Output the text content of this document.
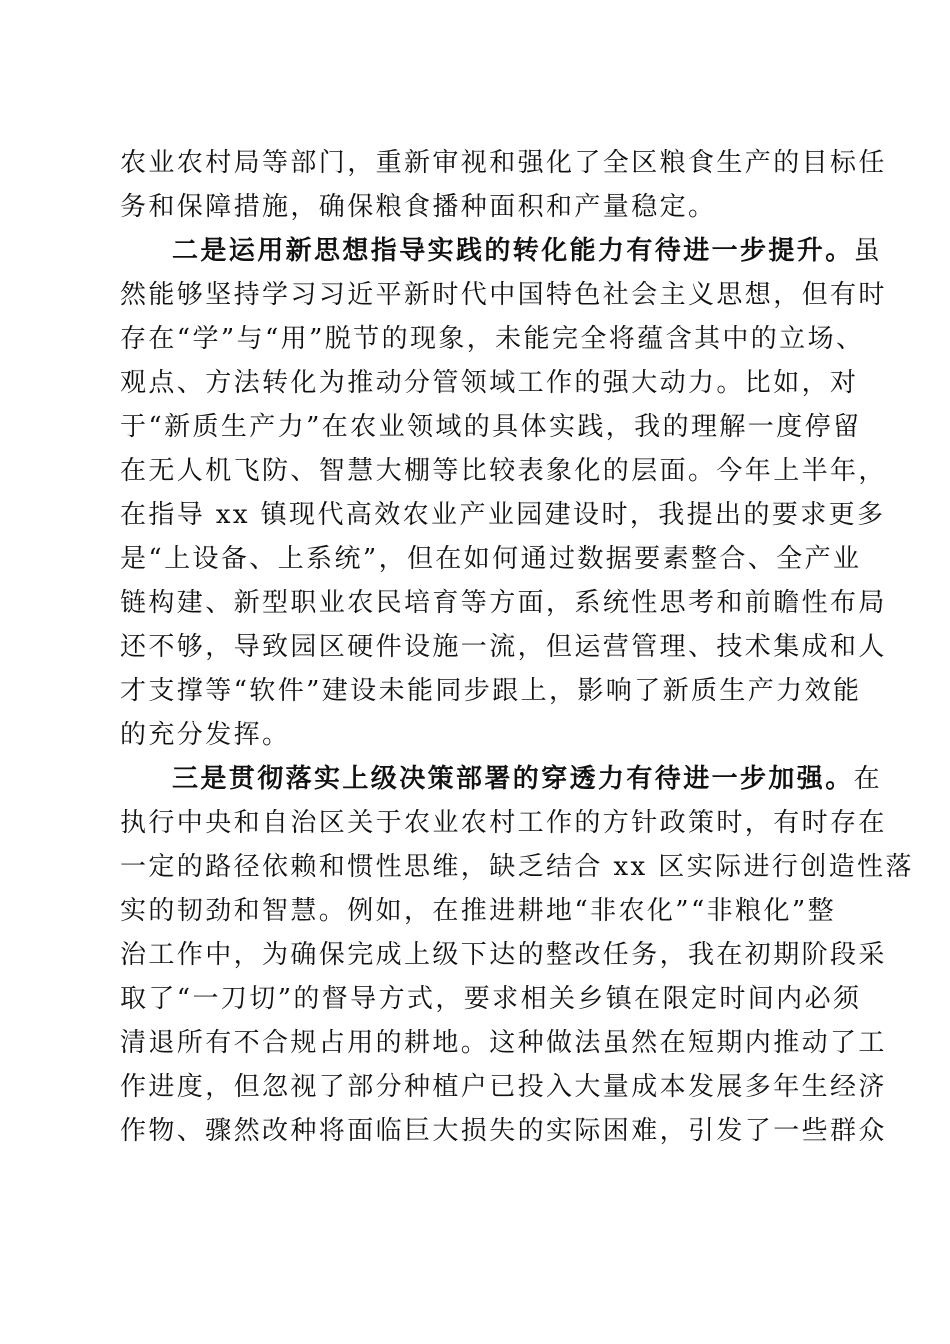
农业农村局等部门，重新审视和强化了全区粮食生产的目标任
务和保障措施，确保粮食播种面积和产量稳定。
二是运用新思想指导实践的转化能力有待进一步提升。虽
然能够坚持学习习近平新时代中国特色社会主义思想，但有时
存在“学”与“用”脱节的现象，未能完全将蕴含其中的立场、
观点、方法转化为推动分管领域工作的强大动力。比如，对
于“新质生产力”在农业领域的具体实践，我的理解一度停留
在无人机飞防、智慧大棚等比较表象化的层面。今年上半年，
在指导 xx 镇现代高效农业产业园建设时，我提出的要求更多
是“上设备、上系统”，但在如何通过数据要素整合、全产业
链构建、新型职业农民培育等方面，系统性思考和前瞻性布局
还不够，导致园区硬件设施一流，但运营管理、技术集成和人
才支撑等“软件”建设未能同步跟上，影响了新质生产力效能
的充分发挥。
三是贯彻落实上级决策部署的穿透力有待进一步加强。在
执行中央和自治区关于农业农村工作的方针政策时，有时存在
一定的路径依赖和惯性思维，缺乏结合 xx 区实际进行创造性落
实的韧劲和智慧。例如，在推进耕地“非农化”“非粮化”整
治工作中，为确保完成上级下达的整改任务，我在初期阶段采
取了“一刀切”的督导方式，要求相关乡镇在限定时间内必须
清退所有不合规占用的耕地。这种做法虽然在短期内推动了工
作进度，但忽视了部分种植户已投入大量成本发展多年生经济
作物、骤然改种将面临巨大损失的实际困难，引发了一些群众
